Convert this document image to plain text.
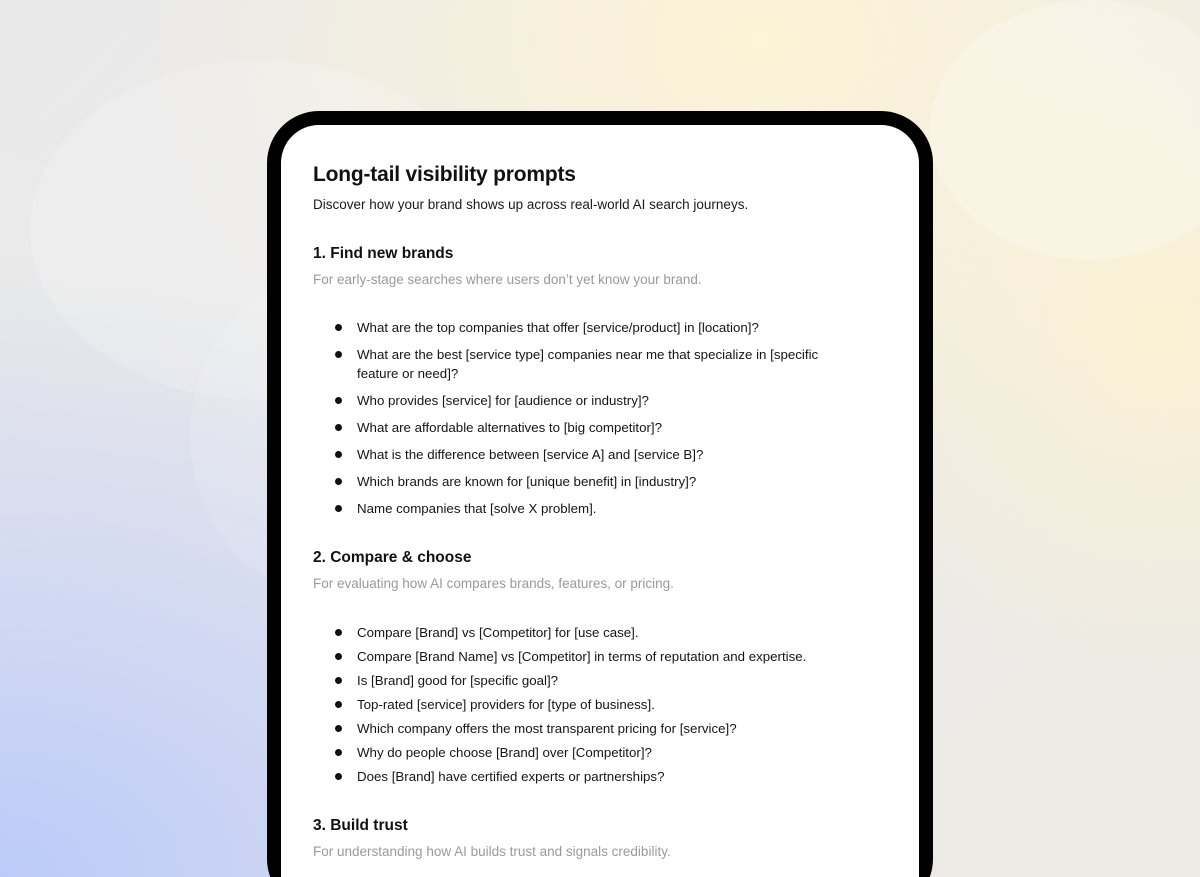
Long-tail visibility prompts

Discover how your brand shows up across real-world AI search journeys.

1. Find new brands

For early-stage searches where users don’t yet know your brand.

What are the top companies that offer [service/product] in [location]?
What are the best [service type] companies near me that specialize in [specific feature or need]?
Who provides [service] for [audience or industry]?
What are affordable alternatives to [big competitor]?
What is the difference between [service A] and [service B]?
Which brands are known for [unique benefit] in [industry]?
Name companies that [solve X problem].
2. Compare & choose

For evaluating how AI compares brands, features, or pricing.

Compare [Brand] vs [Competitor] for [use case].
Compare [Brand Name] vs [Competitor] in terms of reputation and expertise.
Is [Brand] good for [specific goal]?
Top-rated [service] providers for [type of business].
Which company offers the most transparent pricing for [service]?
Why do people choose [Brand] over [Competitor]?
Does [Brand] have certified experts or partnerships?
3. Build trust

For understanding how AI builds trust and signals credibility.
